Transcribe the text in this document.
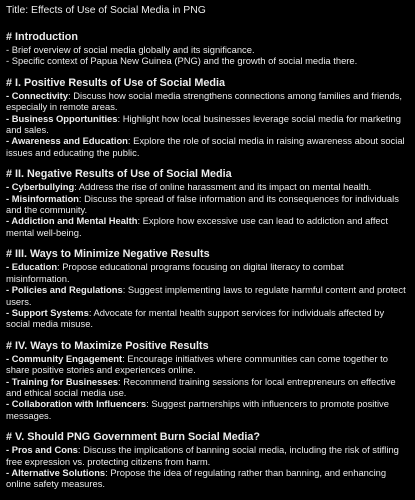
Title: Effects of Use of Social Media in PNG

# Introduction

- Brief overview of social media globally and its significance.

- Specific context of Papua New Guinea (PNG) and the growth of social media there.

# I. Positive Results of Use of Social Media

- Connectivity: Discuss how social media strengthens connections among families and friends, especially in remote areas.

- Business Opportunities: Highlight how local businesses leverage social media for marketing and sales.

- Awareness and Education: Explore the role of social media in raising awareness about social issues and educating the public.

# II. Negative Results of Use of Social Media

- Cyberbullying: Address the rise of online harassment and its impact on mental health.

- Misinformation: Discuss the spread of false information and its consequences for individuals and the community.

- Addiction and Mental Health: Explore how excessive use can lead to addiction and affect mental well-being.

# III. Ways to Minimize Negative Results

- Education: Propose educational programs focusing on digital literacy to combat misinformation.

- Policies and Regulations: Suggest implementing laws to regulate harmful content and protect users.

- Support Systems: Advocate for mental health support services for individuals affected by social media misuse.

# IV. Ways to Maximize Positive Results

- Community Engagement: Encourage initiatives where communities can come together to share positive stories and experiences online.

- Training for Businesses: Recommend training sessions for local entrepreneurs on effective and ethical social media use.

- Collaboration with Influencers: Suggest partnerships with influencers to promote positive messages.

# V. Should PNG Government Burn Social Media?

- Pros and Cons: Discuss the implications of banning social media, including the risk of stifling free expression vs. protecting citizens from harm.

- Alternative Solutions: Propose the idea of regulating rather than banning, and enhancing online safety measures.
